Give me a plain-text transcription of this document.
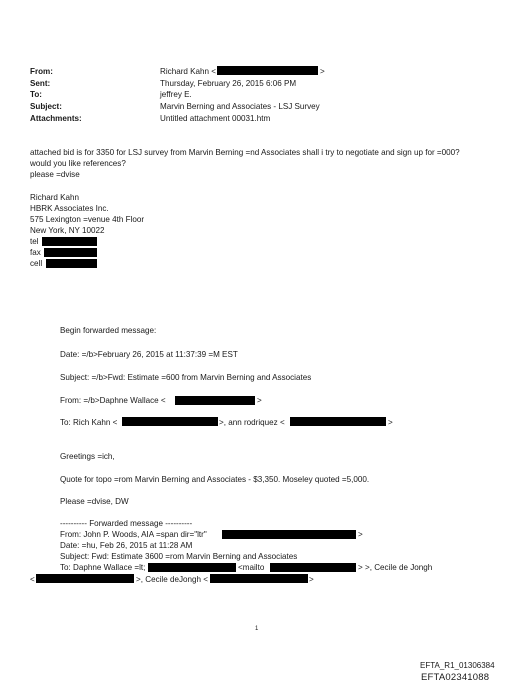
From:	Richard Kahn <	>
Sent:	Thursday, February 26, 2015 6:06 PM
To:	jeffrey E.
Subject:	Marvin Berning and Associates - LSJ Survey
Attachments:	Untitled attachment 00031.htm
attached bid is for 3350 for LSJ survey from Marvin Berning =nd Associates shall i try to negotiate and sign up for =000?
would you like references?
please =dvise
Richard Kahn
HBRK Associates Inc.
575 Lexington =venue 4th Floor
New York, NY 10022
tel
fax
cell
Begin forwarded message:
Date: =/b>February 26, 2015 at 11:37:39 =M EST
Subject: =/b>Fwd: Estimate =600 from Marvin Berning and Associates
From: =/b>Daphne Wallace <	>
To: Rich Kahn <	>, ann rodriquez <	>
Greetings =ich,
Quote for topo =rom Marvin Berning and Associates - $3,350. Moseley quoted =5,000.
Please =dvise, DW
---------- Forwarded message ----------
From: John P. Woods, AIA =span dir="ltr"	>
Date: =hu, Feb 26, 2015 at 11:28 AM
Subject: Fwd: Estimate 3600 =rom Marvin Berning and Associates
To: Daphne Wallace =lt;	<mailto	> >, Cecile de Jongh
<	>, Cecile deJongh <	>
1
EFTA_R1_01306384
EFTA02341088
